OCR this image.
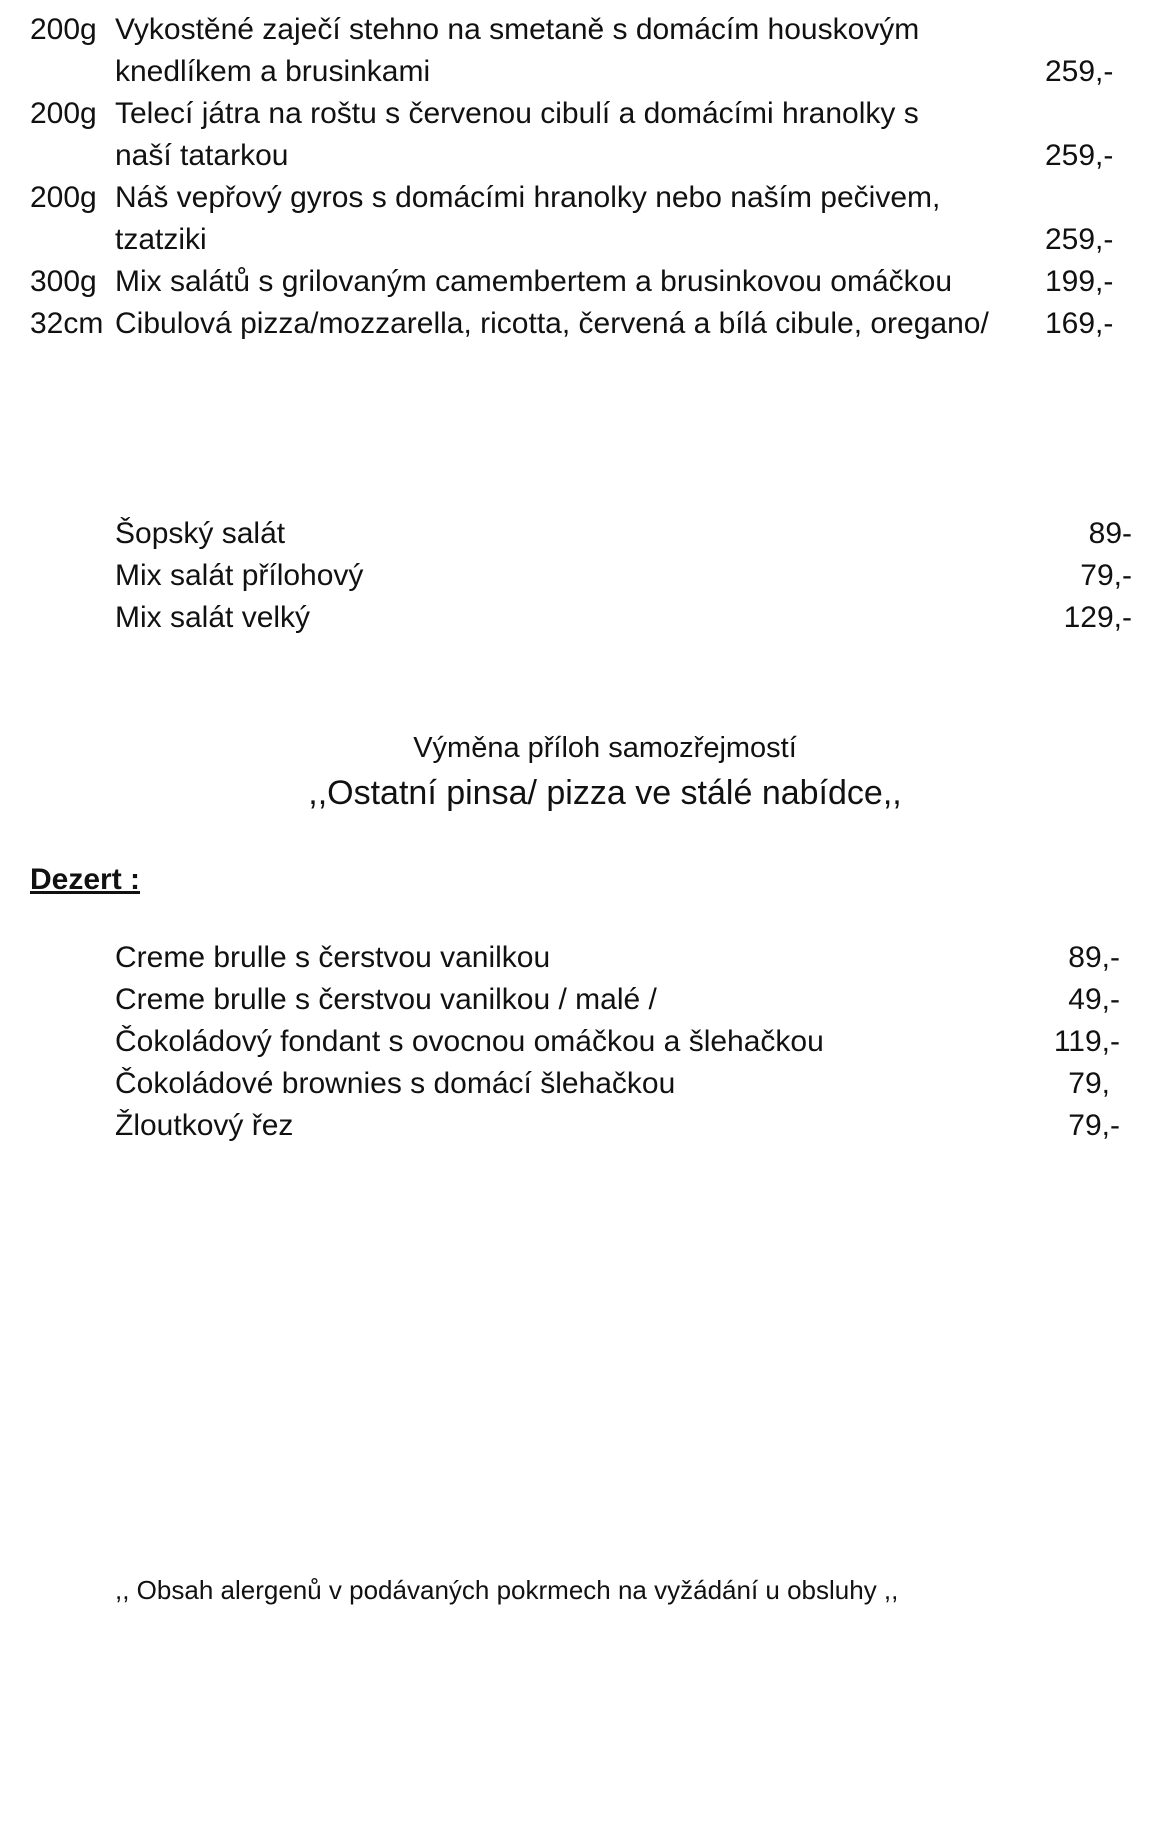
200g Vykostěné zaječí stehno na smetaně s domácím houskovým
knedlíkem a brusinkami	259,-
200g Telecí játra na roštu s červenou cibulí a domácími hranolky s
naší tatarkou	259,-
200g Náš vepřový gyros s domácími hranolky nebo naším pečivem,
tzatziki	259,-
300g Mix salátů s grilovaným camembertem a brusinkovou omáčkou	199,-
32cm Cibulová pizza/mozzarella, ricotta, červená a bílá cibule, oregano/ 169,-
Šopský salát	89-
Mix salát přílohový	79,-
Mix salát velký	129,-
Výměna příloh samozřejmostí
,,Ostatní pinsa/ pizza ve stálé nabídce,,
Dezert :
Creme brulle s čerstvou vanilkou	89,-
Creme brulle s čerstvou vanilkou / malé /	49,-
Čokoládový fondant s ovocnou omáčkou a šlehačkou	119,-
Čokoládové brownies s domácí šlehačkou	79,
Žloutkový řez	79,-
,, Obsah alergenů v podávaných pokrmech na vyžádání u obsluhy ,,
